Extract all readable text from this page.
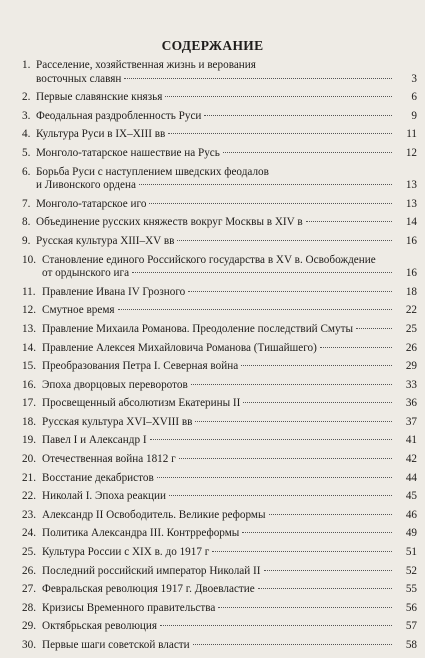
СОДЕРЖАНИЕ
1. Расселение, хозяйственная жизнь и верования
восточных славян	3
2. Первые славянские князья	6
3. Феодальная раздробленность Руси	9
4. Культура Руси в IX–XIII вв	11
5. Монголо-татарское нашествие на Русь	12
6. Борьба Руси с наступлением шведских феодалов
и Ливонского ордена	13
7. Монголо-татарское иго	13
8. Объединение русских княжеств вокруг Москвы в XIV в	14
9. Русская культура XIII–XV вв	16
10. Становление единого Российского государства в XV в. Освобождение
от ордынского ига	16
11. Правление Ивана IV Грозного	18
12. Смутное время	22
13. Правление Михаила Романова. Преодоление последствий Смуты	25
14. Правление Алексея Михайловича Романова (Тишайшего)	26
15. Преобразования Петра I. Северная война	29
16. Эпоха дворцовых переворотов	33
17. Просвещенный абсолютизм Екатерины II	36
18. Русская культура XVI–XVIII вв	37
19. Павел I и Александр I	41
20. Отечественная война 1812 г	42
21. Восстание декабристов	44
22. Николай I. Эпоха реакции	45
23. Александр II Освободитель. Великие реформы	46
24. Политика Александра III. Контрреформы	49
25. Культура России с XIX в. до 1917 г	51
26. Последний российский император Николай II	52
27. Февральская революция 1917 г. Двоевластие	55
28. Кризисы Временного правительства	56
29. Октябрьская революция	57
30. Первые шаги советской власти	58
